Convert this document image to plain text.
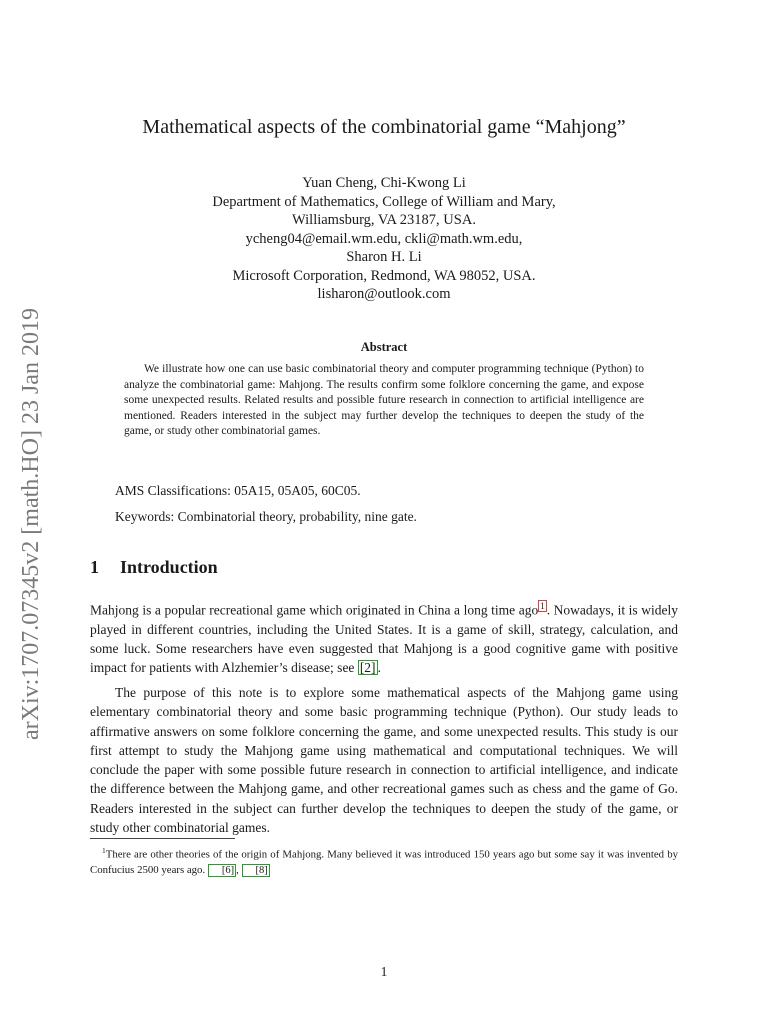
arXiv:1707.07345v2 [math.HO] 23 Jan 2019
Mathematical aspects of the combinatorial game “Mahjong”
Yuan Cheng, Chi-Kwong Li
Department of Mathematics, College of William and Mary,
Williamsburg, VA 23187, USA.
ycheng04@email.wm.edu, ckli@math.wm.edu,
Sharon H. Li
Microsoft Corporation, Redmond, WA 98052, USA.
lisharon@outlook.com
Abstract
We illustrate how one can use basic combinatorial theory and computer programming technique (Python) to analyze the combinatorial game: Mahjong. The results confirm some folklore concerning the game, and expose some unexpected results. Related results and possible future research in connection to artificial intelligence are mentioned. Readers interested in the subject may further develop the techniques to deepen the study of the game, or study other combinatorial games.
AMS Classifications: 05A15, 05A05, 60C05.
Keywords: Combinatorial theory, probability, nine gate.
1 Introduction
Mahjong is a popular recreational game which originated in China a long time ago 1 . Nowadays, it is widely played in different countries, including the United States. It is a game of skill, strategy, calculation, and some luck. Some researchers have even suggested that Mahjong is a good cognitive game with positive impact for patients with Alzhemier’s disease; see [2] .
The purpose of this note is to explore some mathematical aspects of the Mahjong game using elementary combinatorial theory and some basic programming technique (Python). Our study leads to affirmative answers on some folklore concerning the game, and some unexpected results. This study is our first attempt to study the Mahjong game using mathematical and computational techniques. We will conclude the paper with some possible future research in connection to artificial intelligence, and indicate the difference between the Mahjong game, and other recreational games such as chess and the game of Go. Readers interested in the subject can further develop the techniques to deepen the study of the game, or study other combinatorial games.
$^1$There are other theories of the origin of Mahjong. Many believed it was introduced 150 years ago but some say it was invented by Confucius 2500 years ago. [6] , [8]
1
